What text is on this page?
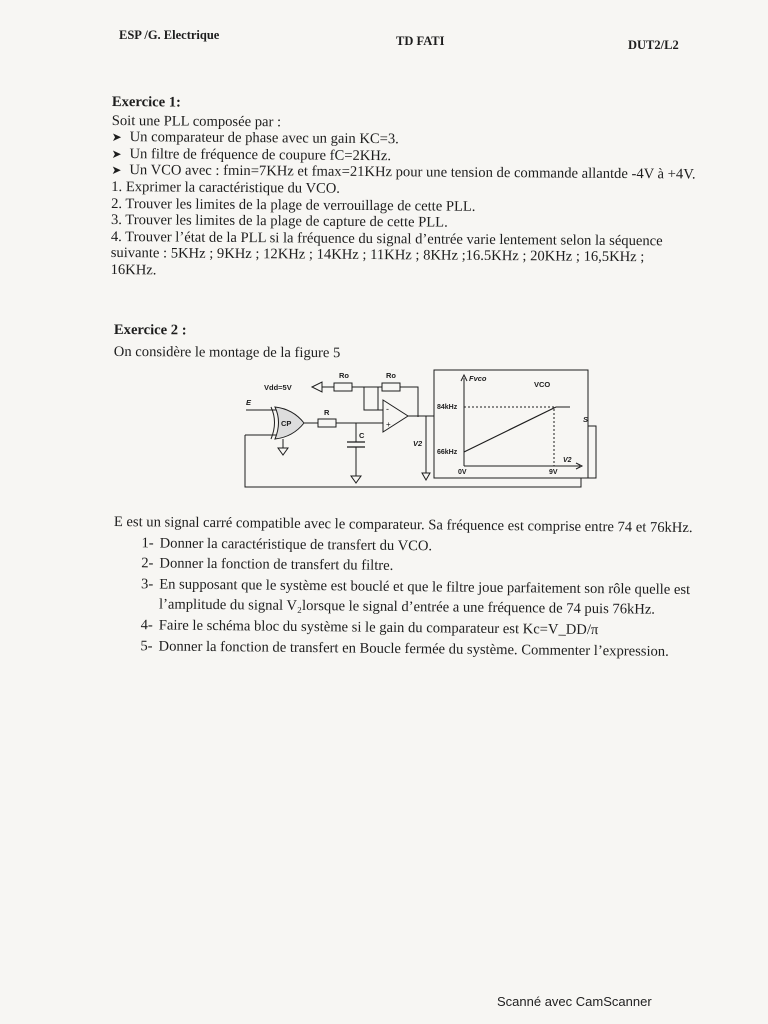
ESP /G. Electrique	TD FATI	DUT2/L2
Exercice 1:
Soit une PLL composée par :
➤ Un comparateur de phase avec un gain KC=3.
➤ Un filtre de fréquence de coupure fC=2KHz.
➤ Un VCO avec : fmin=7KHz et fmax=21KHz pour une tension de commande allantde -4V à +4V.
1. Exprimer la caractéristique du VCO.
2. Trouver les limites de la plage de verrouillage de cette PLL.
3. Trouver les limites de la plage de capture de cette PLL.
4. Trouver l’état de la PLL si la fréquence du signal d’entrée varie lentement selon la séquence
suivante : 5KHz ; 9KHz ; 12KHz ; 14KHz ; 11KHz ; 8KHz ;16.5KHz ; 20KHz ; 16,5KHz ;
16KHz.
Exercice 2 :
On considère le montage de la figure 5
E
CP
R
C
Vdd=5V
Ro	Ro
-
+
V2
Fvco
VCO
84kHz
66kHz
0V	9V
V2
S
E est un signal carré compatible avec le comparateur. Sa fréquence est comprise entre 74 et 76kHz.
1- Donner la caractéristique de transfert du VCO.
2- Donner la fonction de transfert du filtre.
3- En supposant que le système est bouclé et que le filtre joue parfaitement son rôle quelle est
l’amplitude du signal V₂lorsque le signal d’entrée a une fréquence de 74 puis 76kHz.
4- Faire le schéma bloc du système si le gain du comparateur est Kc=V_DD/π
5- Donner la fonction de transfert en Boucle fermée du système. Commenter l’expression.
Scanné avec CamScanner
